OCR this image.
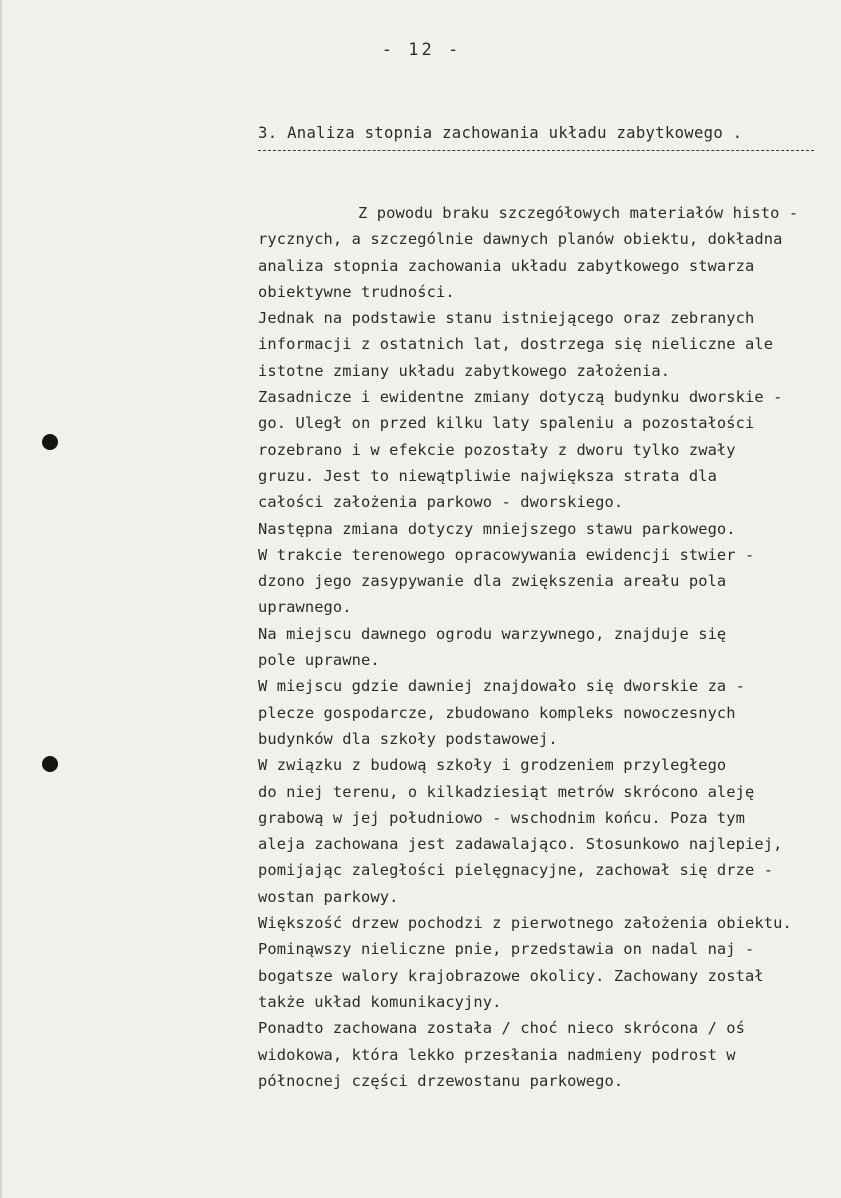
- 12 -
3. Analiza stopnia zachowania układu zabytkowego .
Z powodu braku szczegółowych materiałów histo -
rycznych, a szczególnie dawnych planów obiektu, dokładna
analiza stopnia zachowania układu zabytkowego stwarza
obiektywne trudności.
Jednak na podstawie stanu istniejącego oraz zebranych
informacji z ostatnich lat, dostrzega się nieliczne ale
istotne zmiany układu zabytkowego założenia.
Zasadnicze i ewidentne zmiany dotyczą budynku dworskie -
go. Uległ on przed kilku laty spaleniu a pozostałości
rozebrano i w efekcie pozostały z dworu tylko zwały
gruzu. Jest to niewątpliwie największa strata dla
całości założenia parkowo - dworskiego.
Następna zmiana dotyczy mniejszego stawu parkowego.
W trakcie terenowego opracowywania ewidencji stwier -
dzono jego zasypywanie dla zwiększenia areału pola
uprawnego.
Na miejscu dawnego ogrodu warzywnego, znajduje się
pole uprawne.
W miejscu gdzie dawniej znajdowało się dworskie za -
plecze gospodarcze, zbudowano kompleks nowoczesnych
budynków dla szkoły podstawowej.
W związku z budową szkoły i grodzeniem przyległego
do niej terenu, o kilkadziesiąt metrów skrócono aleję
grabową w jej południowo - wschodnim końcu. Poza tym
aleja zachowana jest zadawalająco. Stosunkowo najlepiej,
pomijając zaległości pielęgnacyjne, zachował się drze -
wostan parkowy.
Większość drzew pochodzi z pierwotnego założenia obiektu.
Pominąwszy nieliczne pnie, przedstawia on nadal naj -
bogatsze walory krajobrazowe okolicy. Zachowany został
także układ komunikacyjny.
Ponadto zachowana została / choć nieco skrócona / oś
widokowa, która lekko przesłania nadmieny podrost w
północnej części drzewostanu parkowego.
